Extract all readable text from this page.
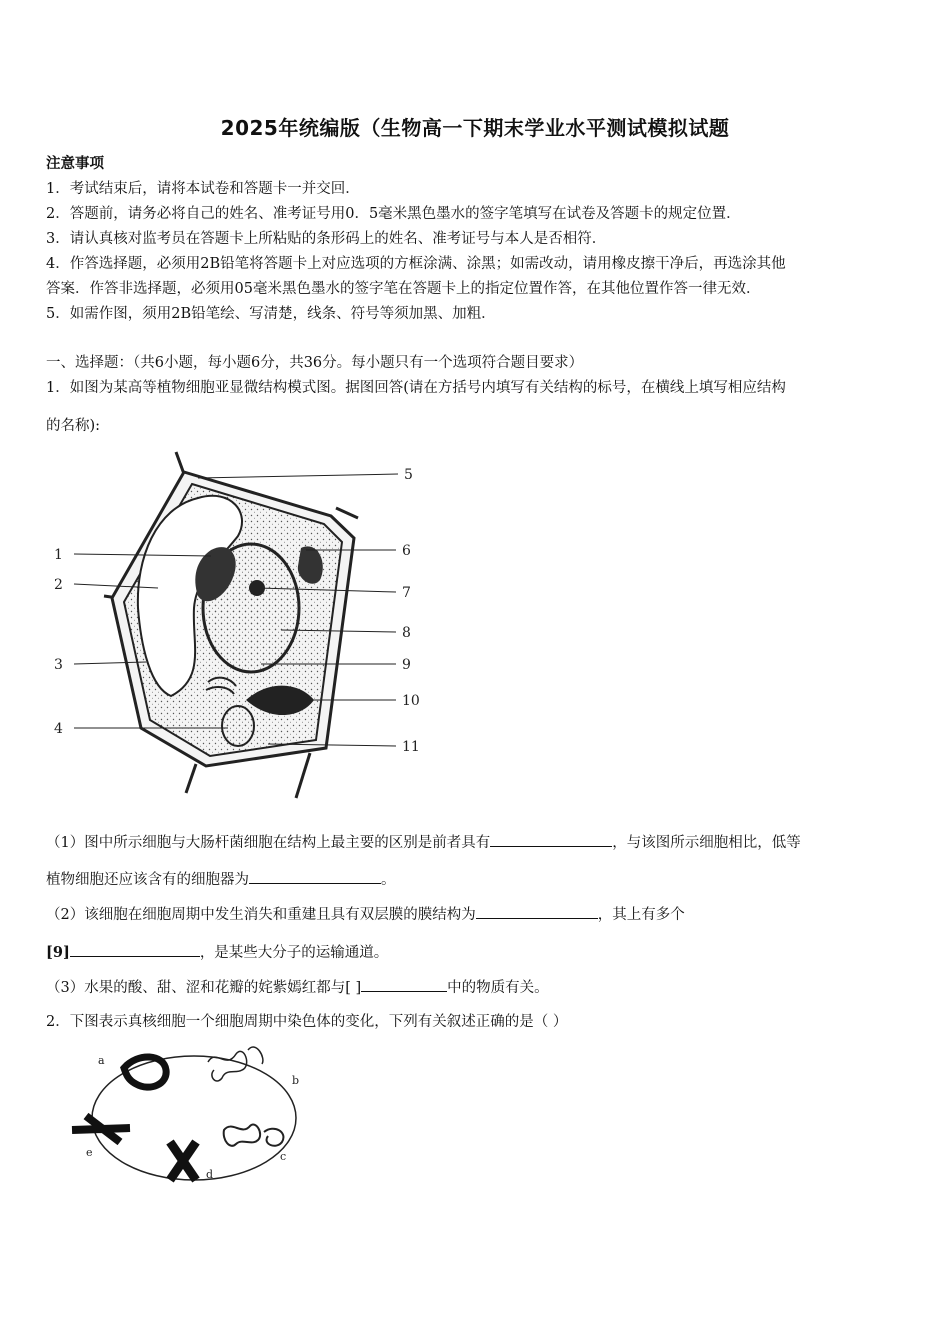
2025年统编版（生物高一下期末学业水平测试模拟试题
注意事项
1．考试结束后，请将本试卷和答题卡一并交回．
2．答题前，请务必将自己的姓名、准考证号用0．5毫米黑色墨水的签字笔填写在试卷及答题卡的规定位置．
3．请认真核对监考员在答题卡上所粘贴的条形码上的姓名、准考证号与本人是否相符．
4．作答选择题，必须用2B铅笔将答题卡上对应选项的方框涂满、涂黑；如需改动，请用橡皮擦干净后，再选涂其他
答案．作答非选择题，必须用05毫米黑色墨水的签字笔在答题卡上的指定位置作答，在其他位置作答一律无效．
5．如需作图，须用2B铅笔绘、写清楚，线条、符号等须加黑、加粗．
一、选择题：（共6小题，每小题6分，共36分。每小题只有一个选项符合题目要求）
1．如图为某高等植物细胞亚显微结构模式图。据图回答(请在方括号内填写有关结构的标号，在横线上填写相应结构
的名称):
1
2
3
4
5
6
7
8
9
10
11
（1）图中所示细胞与大肠杆菌细胞在结构上最主要的区别是前者具有	，与该图所示细胞相比，低等
植物细胞还应该含有的细胞器为	。
（2）该细胞在细胞周期中发生消失和重建且具有双层膜的膜结构为	，其上有多个
[9]	，是某些大分子的运输通道。
（3）水果的酸、甜、涩和花瓣的姹紫嫣红都与[ ]	中的物质有关。
2．下图表示真核细胞一个细胞周期中染色体的变化，下列有关叙述正确的是（ ）
a
b
c
d
e
